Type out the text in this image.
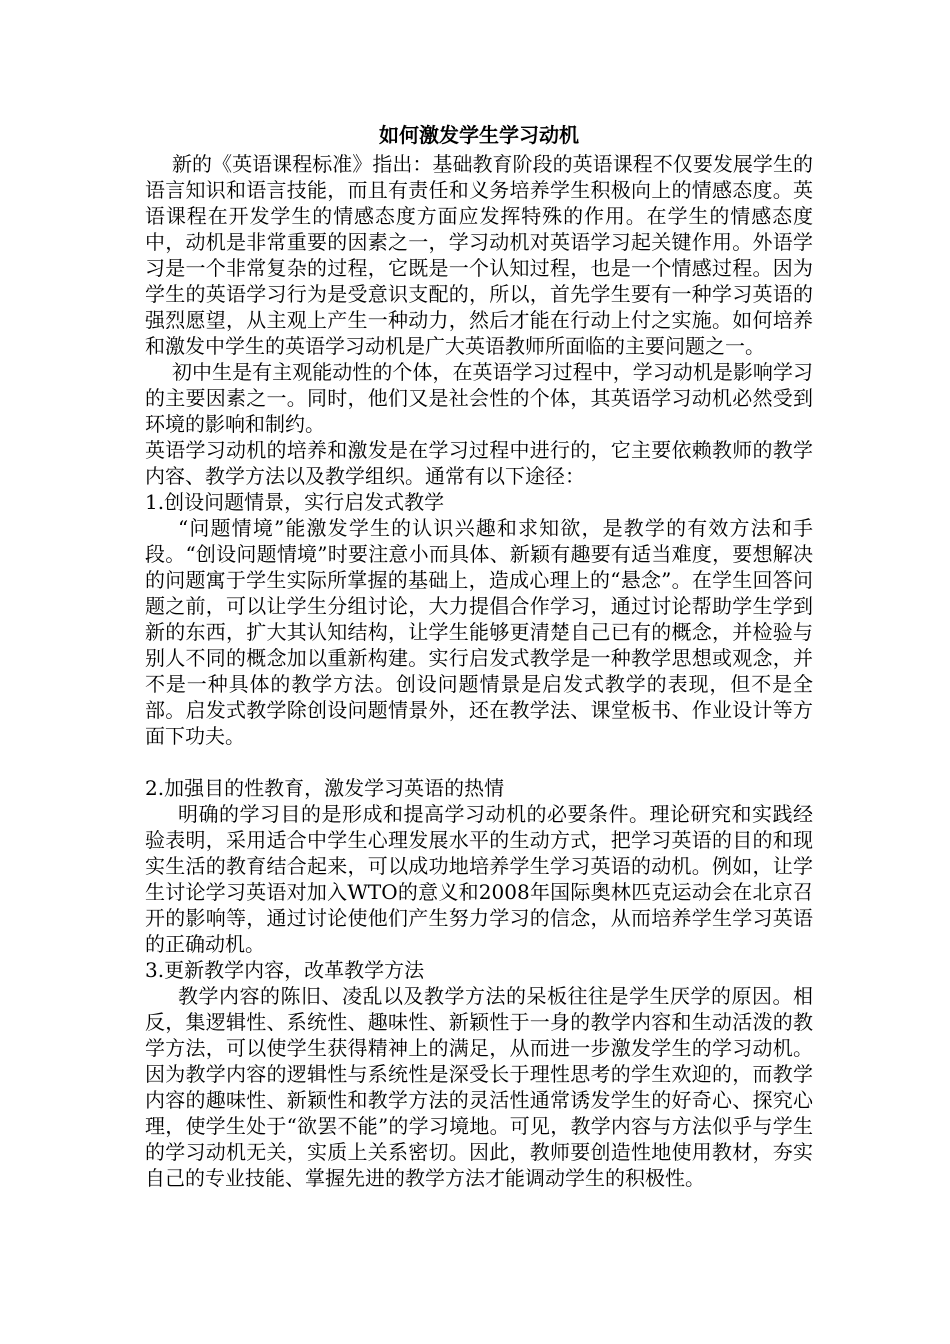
如何激发学生学习动机

新的《英语课程标准》指出：基础教育阶段的英语课程不仅要发展学生的语言知识和语言技能，而且有责任和义务培养学生积极向上的情感态度。英语课程在开发学生的情感态度方面应发挥特殊的作用。在学生的情感态度中，动机是非常重要的因素之一，学习动机对英语学习起关键作用。外语学习是一个非常复杂的过程，它既是一个认知过程，也是一个情感过程。因为学生的英语学习行为是受意识支配的，所以，首先学生要有一种学习英语的强烈愿望，从主观上产生一种动力，然后才能在行动上付之实施。如何培养和激发中学生的英语学习动机是广大英语教师所面临的主要问题之一。

初中生是有主观能动性的个体，在英语学习过程中，学习动机是影响学习的主要因素之一。同时，他们又是社会性的个体，其英语学习动机必然受到环境的影响和制约。

英语学习动机的培养和激发是在学习过程中进行的，它主要依赖教师的教学内容、教学方法以及教学组织。通常有以下途径：

1.创设问题情景，实行启发式教学

“问题情境”能激发学生的认识兴趣和求知欲，是教学的有效方法和手段。“创设问题情境”时要注意小而具体、新颖有趣要有适当难度，要想解决的问题寓于学生实际所掌握的基础上，造成心理上的“悬念”。在学生回答问题之前，可以让学生分组讨论，大力提倡合作学习，通过讨论帮助学生学到新的东西，扩大其认知结构，让学生能够更清楚自己已有的概念，并检验与别人不同的概念加以重新构建。实行启发式教学是一种教学思想或观念，并不是一种具体的教学方法。创设问题情景是启发式教学的表现，但不是全部。启发式教学除创设问题情景外，还在教学法、课堂板书、作业设计等方面下功夫。

2.加强目的性教育，激发学习英语的热情

明确的学习目的是形成和提高学习动机的必要条件。理论研究和实践经验表明，采用适合中学生心理发展水平的生动方式，把学习英语的目的和现实生活的教育结合起来，可以成功地培养学生学习英语的动机。例如，让学生讨论学习英语对加入WTO的意义和2008年国际奥林匹克运动会在北京召开的影响等，通过讨论使他们产生努力学习的信念，从而培养学生学习英语的正确动机。

3.更新教学内容，改革教学方法

教学内容的陈旧、凌乱以及教学方法的呆板往往是学生厌学的原因。相反，集逻辑性、系统性、趣味性、新颖性于一身的教学内容和生动活泼的教学方法，可以使学生获得精神上的满足，从而进一步激发学生的学习动机。因为教学内容的逻辑性与系统性是深受长于理性思考的学生欢迎的，而教学内容的趣味性、新颖性和教学方法的灵活性通常诱发学生的好奇心、探究心理，使学生处于“欲罢不能”的学习境地。可见，教学内容与方法似乎与学生的学习动机无关，实质上关系密切。因此，教师要创造性地使用教材，夯实自己的专业技能、掌握先进的教学方法才能调动学生的积极性。
